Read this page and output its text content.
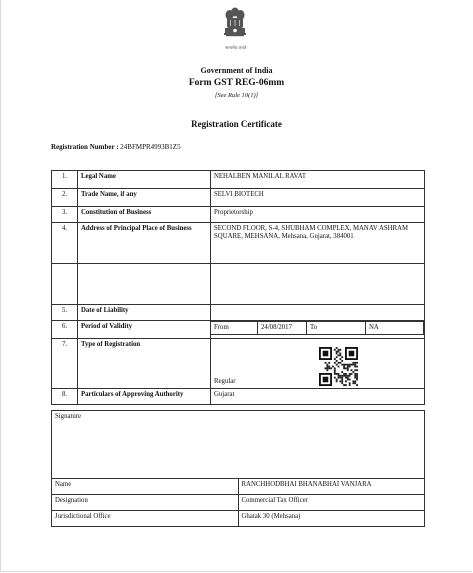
सत्यमेव जयते
Government of India
Form GST REG-06mm
[See Rule 10(1)]
Registration Certificate
Registration Number : 24BFMPR4993B1Z5
1.	Legal Name	NEHALBEN MANILAL RAVAT
2.	Trade Name, if any	SELVI BIOTECH
3.	Constitution of Business	Proprietorship
4.	Address of Principal Place of Business	SECOND FLOOR, S-4, SHUBHAM COMPLEX, MANAV ASHRAM SQUARE, MEHSANA, Mehsana, Gujarat, 384001

5.	Date of Liability	
6.	Period of Validity		From	24/08/2017	To	NA

7.	Type of Registration	Regular
8.	Particulars of Approving Authority	Gujarat
Signature	
Name	RANCHHODBHAI BHANABHAI VANJARA
Designation	Commercial Tax Officer
Jurisdictional Office	Ghatak 30 (Mehsana)
